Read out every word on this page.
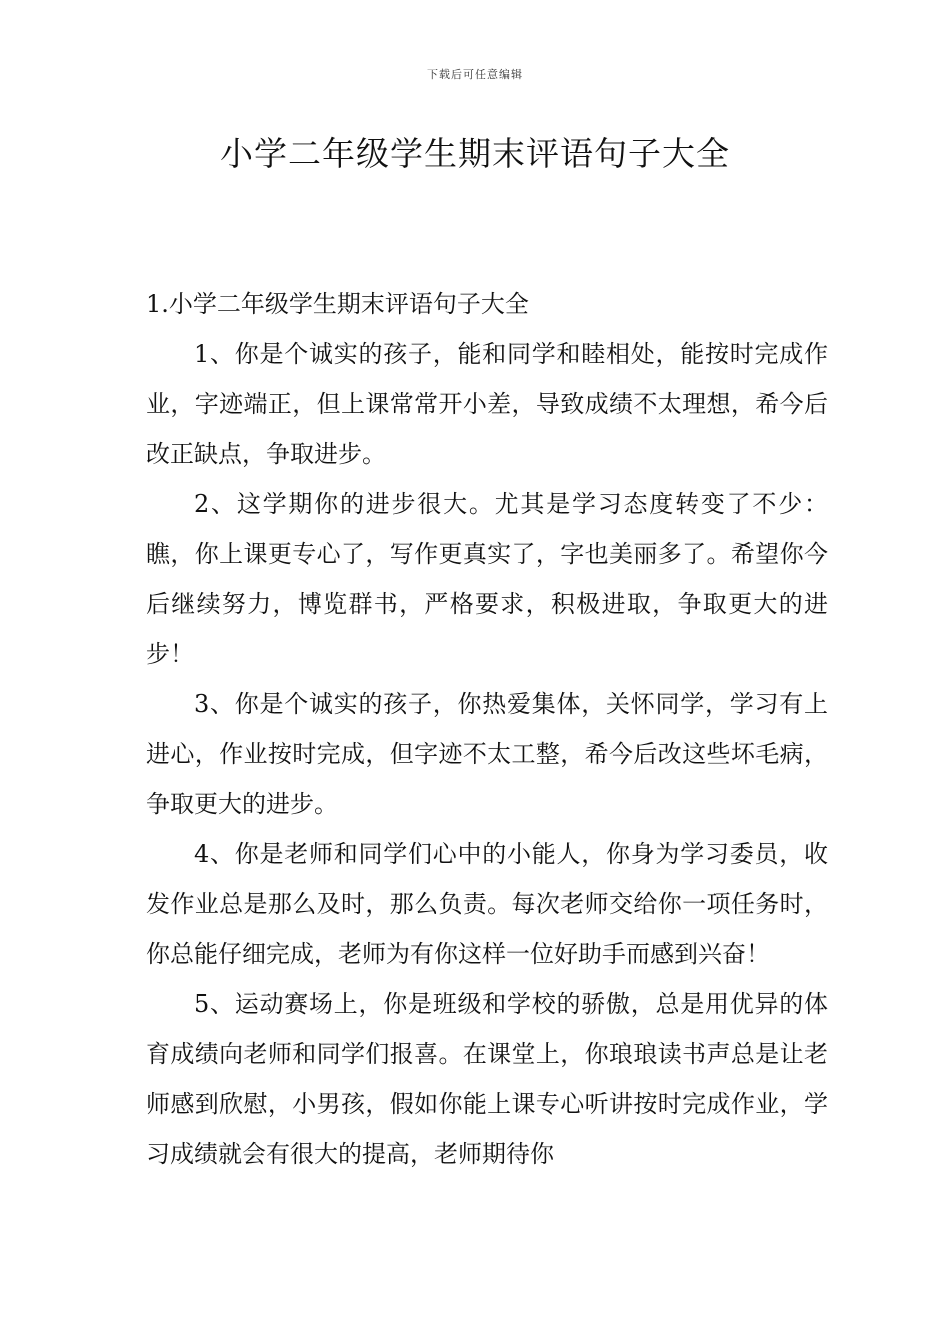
下载后可任意编辑
小学二年级学生期末评语句子大全

1.小学二年级学生期末评语句子大全

1、你是个诚实的孩子，能和同学和睦相处，能按时完成作业，字迹端正，但上课常常开小差，导致成绩不太理想，希今后改正缺点，争取进步。

2、这学期你的进步很大。尤其是学习态度转变了不少：瞧，你上课更专心了，写作更真实了，字也美丽多了。希望你今后继续努力，博览群书，严格要求，积极进取，争取更大的进步！

3、你是个诚实的孩子，你热爱集体，关怀同学，学习有上进心，作业按时完成，但字迹不太工整，希今后改这些坏毛病，争取更大的进步。

4、你是老师和同学们心中的小能人，你身为学习委员，收发作业总是那么及时，那么负责。每次老师交给你一项任务时，你总能仔细完成，老师为有你这样一位好助手而感到兴奋！

5、运动赛场上，你是班级和学校的骄傲，总是用优异的体育成绩向老师和同学们报喜。在课堂上，你琅琅读书声总是让老师感到欣慰，小男孩，假如你能上课专心听讲按时完成作业，学习成绩就会有很大的提高，老师期待你
